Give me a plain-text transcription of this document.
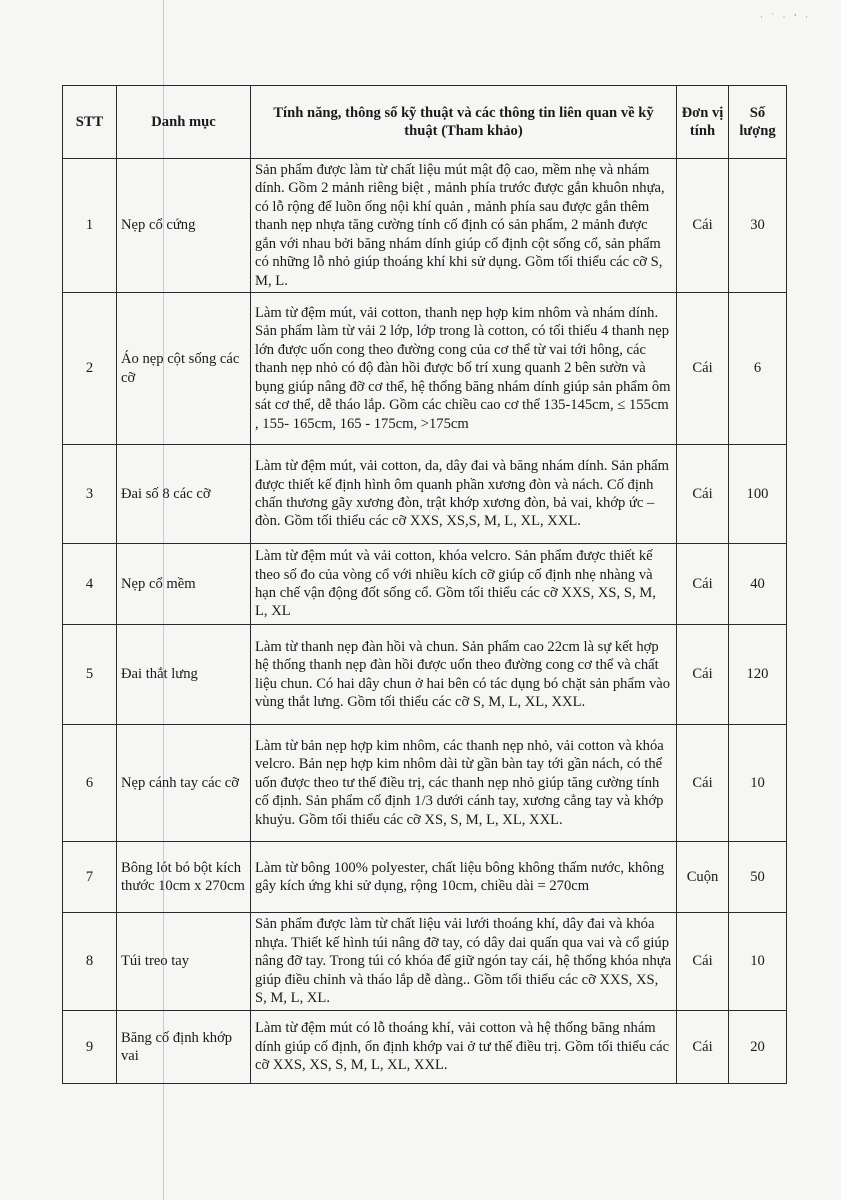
· ˙ · ‘ ·
STT	Danh mục	Tính năng, thông số kỹ thuật và các thông tin liên quan về kỹ thuật (Tham khảo)	Đơn vị tính	Số lượng
1	Nẹp cổ cứng	Sản phẩm được làm từ chất liệu mút mật độ cao, mềm nhẹ và nhám dính. Gồm 2 mảnh riêng biệt , mảnh phía trước được gắn khuôn nhựa, có lỗ rộng để luồn ống nội khí quản , mảnh phía sau được gắn thêm thanh nẹp nhựa tăng cường tính cố định có sản phẩm, 2 mảnh được gắn với nhau bởi băng nhám dính giúp cố định cột sống cổ, sản phẩm có những lỗ nhỏ giúp thoáng khí khi sử dụng. Gồm tối thiểu các cỡ S, M, L.	Cái	30
2	Áo nẹp cột sống các cỡ	Làm từ đệm mút, vải cotton, thanh nẹp hợp kim nhôm và nhám dính. Sản phẩm làm từ vải 2 lớp, lớp trong là cotton, có tối thiểu 4 thanh nẹp lớn được uốn cong theo đường cong của cơ thể từ vai tới hông, các thanh nẹp nhỏ có độ đàn hồi được bố trí xung quanh 2 bên sườn và bụng giúp nâng đỡ cơ thể, hệ thống băng nhám dính giúp sản phẩm ôm sát cơ thể, dễ tháo lắp. Gồm các chiều cao cơ thể 135-145cm, ≤ 155cm , 155- 165cm, 165 - 175cm, >175cm	Cái	6
3	Đai số 8 các cỡ	Làm từ đệm mút, vải cotton, da, dây đai và băng nhám dính. Sản phẩm được thiết kế định hình ôm quanh phần xương đòn và nách. Cố định chấn thương gãy xương đòn, trật khớp xương đòn, bả vai, khớp ức – đòn. Gồm tối thiểu các cỡ XXS, XS,S, M, L, XL, XXL.	Cái	100
4	Nẹp cổ mềm	Làm từ đệm mút và vải cotton, khóa velcro. Sản phẩm được thiết kế theo số đo của vòng cổ với nhiều kích cỡ giúp cố định nhẹ nhàng và hạn chế vận động đốt sống cổ. Gồm tối thiểu các cỡ XXS, XS, S, M, L, XL	Cái	40
5	Đai thắt lưng	Làm từ thanh nẹp đàn hồi và chun. Sản phẩm cao 22cm là sự kết hợp hệ thống thanh nẹp đàn hồi được uốn theo đường cong cơ thể và chất liệu chun. Có hai dây chun ở hai bên có tác dụng bó chặt sản phẩm vào vùng thắt lưng. Gồm tối thiểu các cỡ S, M, L, XL, XXL.	Cái	120
6	Nẹp cánh tay các cỡ	Làm từ bản nẹp hợp kim nhôm, các thanh nẹp nhỏ, vải cotton và khóa velcro. Bản nẹp hợp kim nhôm dài từ gần bàn tay tới gần nách, có thể uốn được theo tư thế điều trị, các thanh nẹp nhỏ giúp tăng cường tính cố định. Sản phẩm cố định 1/3 dưới cánh tay, xương cẳng tay và khớp khuỷu. Gồm tối thiểu các cỡ XS, S, M, L, XL, XXL.	Cái	10
7	Bông lót bó bột kích thước 10cm x 270cm	Làm từ bông 100% polyester, chất liệu bông không thấm nước, không gây kích ứng khi sử dụng, rộng 10cm, chiều dài = 270cm	Cuộn	50
8	Túi treo tay	Sản phẩm được làm từ chất liệu vải lưới thoáng khí, dây đai và khóa nhựa. Thiết kế hình túi nâng đỡ tay, có dây dai quấn qua vai và cổ giúp nâng đỡ tay. Trong túi có khóa để giữ ngón tay cái, hệ thống khóa nhựa giúp điều chỉnh và tháo lắp dễ dàng.. Gồm tối thiểu các cỡ XXS, XS, S, M, L, XL.	Cái	10
9	Băng cố định khớp vai	Làm từ đệm mút có lỗ thoáng khí, vải cotton và hệ thống băng nhám dính giúp cố định, ổn định khớp vai ở tư thế điều trị. Gồm tối thiểu các cỡ XXS, XS, S, M, L, XL, XXL.	Cái	20
